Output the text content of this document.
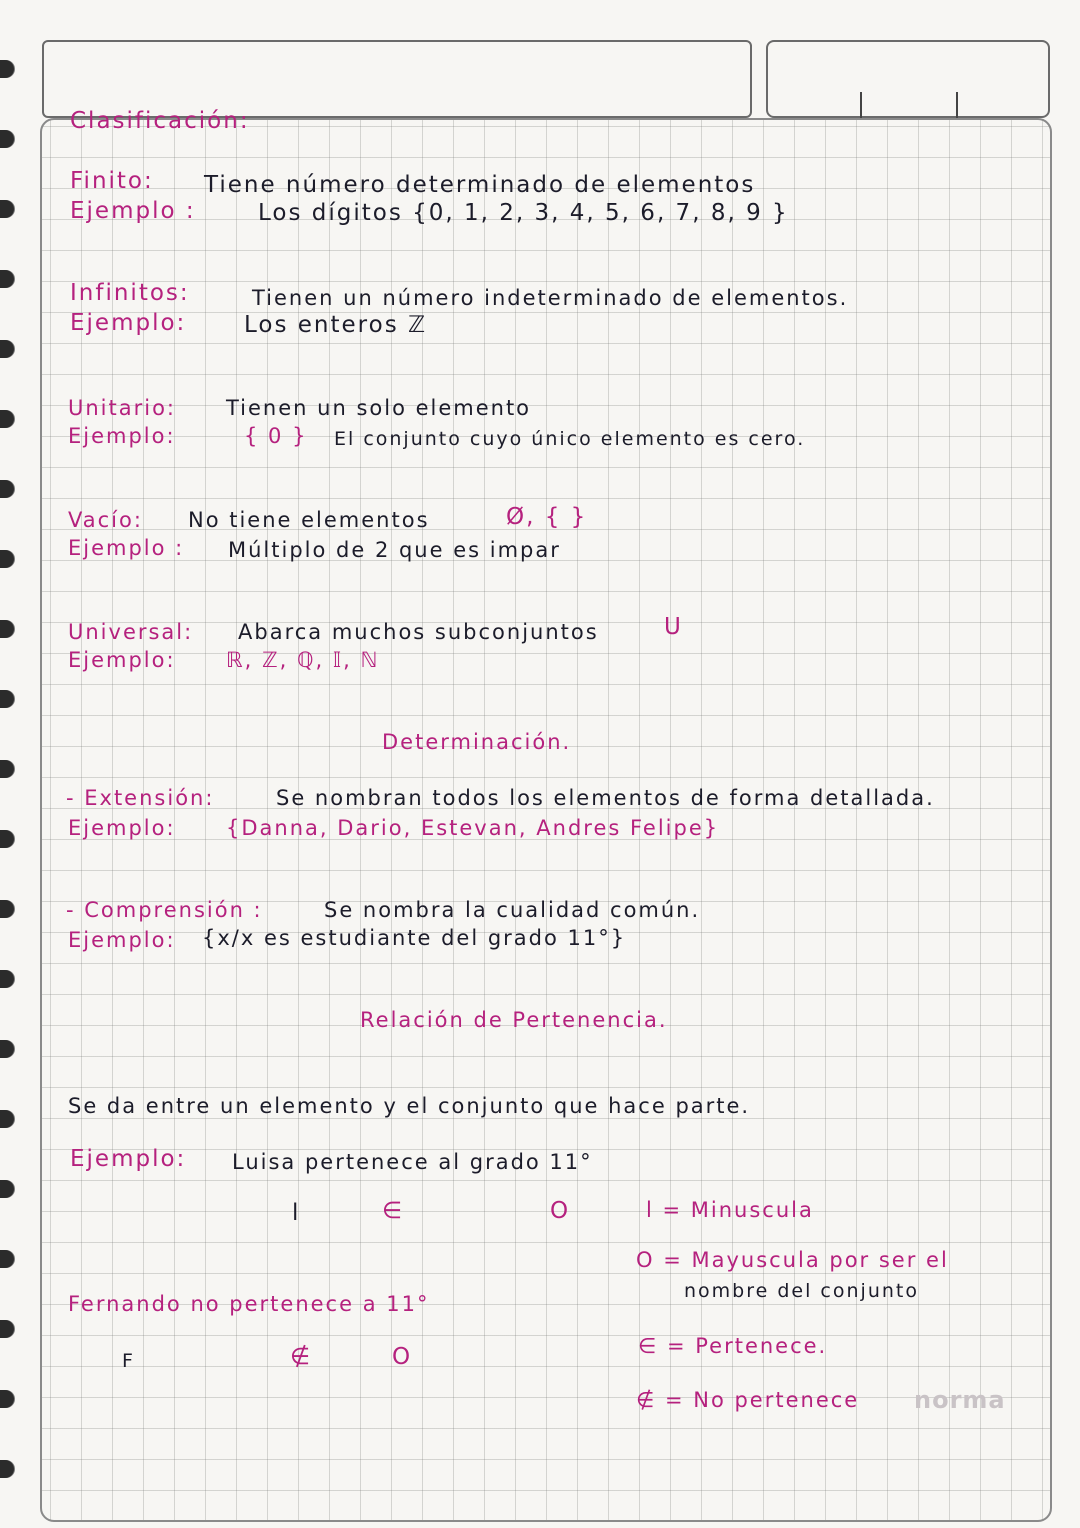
Clasificación:
Finito: Tiene número determinado de elementos
Ejemplo :	Los dígitos {0, 1, 2, 3, 4, 5, 6, 7, 8, 9 }
Infinitos:	Tienen un número indeterminado de elementos.
Ejemplo:	Los enteros ℤ
Unitario: Tienen un solo elemento
Ejemplo:	{ 0 } El conjunto cuyo único elemento es cero.
Vacío: No tiene elementos	Ø, { }
Ejemplo : Múltiplo de 2 que es impar
Universal: Abarca muchos subconjuntos	U
Ejemplo: ℝ, ℤ, ℚ, 𝕀, ℕ
Determinación.
- Extensión:	Se nombran todos los elementos de forma detallada.
Ejemplo: {Danna, Dario, Estevan, Andres Felipe}
- Comprensión :	Se nombra la cualidad común.
Ejemplo: {x/x es estudiante del grado 11°}
Relación de Pertenencia.
Se da entre un elemento y el conjunto que hace parte.
Ejemplo: Luisa pertenece al grado 11°
l	∈	O	l = Minuscula
O = Mayuscula por ser el
nombre del conjunto
∈ = Pertenece.
∉ = No pertenece
Fernando no pertenece a 11°
F	∉	O
norma
